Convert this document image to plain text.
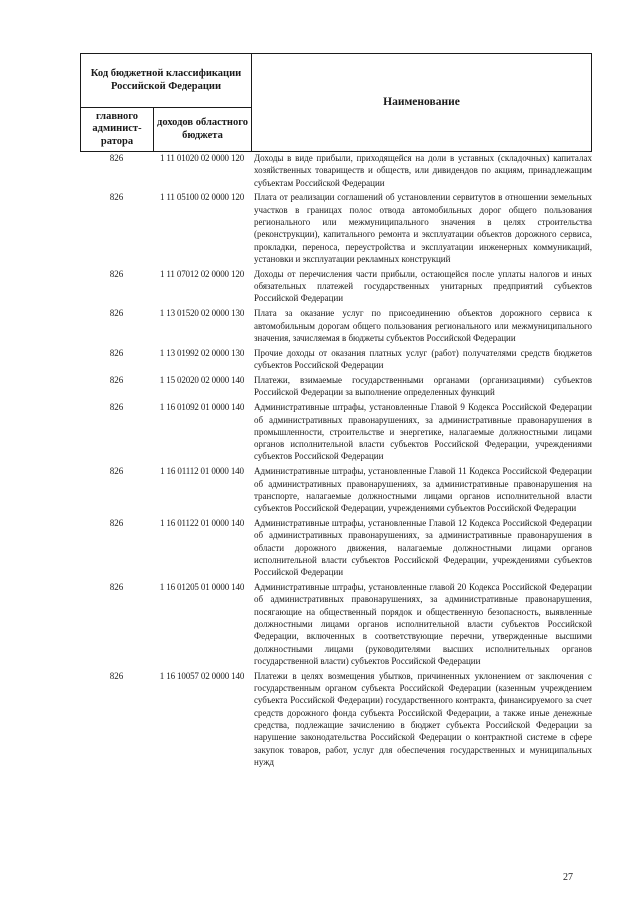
Код бюджетной классификации Российской Федерации		Наименование
главного админист- ратора	доходов областного бюджета	
826	1 11 01020 02 0000 120	Доходы в виде прибыли, приходящейся на доли в уставных (складочных) капиталах хозяйственных товариществ и обществ, или дивидендов по акциям, принадлежащим субъектам Российской Федерации
826	1 11 05100 02 0000 120	Плата от реализации соглашений об установлении сервитутов в отношении земельных участков в границах полос отвода автомобильных дорог общего пользования регионального или межмуниципального значения в целях строительства (реконструкции), капитального ремонта и эксплуатации объектов дорожного сервиса, прокладки, переноса, переустройства и эксплуатации инженерных коммуникаций, установки и эксплуатации рекламных конструкций
826	1 11 07012 02 0000 120	Доходы от перечисления части прибыли, остающейся после уплаты налогов и иных обязательных платежей государственных унитарных предприятий субъектов Российской Федерации
826	1 13 01520 02 0000 130	Плата за оказание услуг по присоединению объектов дорожного сервиса к автомобильным дорогам общего пользования регионального или межмуниципального значения, зачисляемая в бюджеты субъектов Российской Федерации
826	1 13 01992 02 0000 130	Прочие доходы от оказания платных услуг (работ) получателями средств бюджетов субъектов Российской Федерации
826	1 15 02020 02 0000 140	Платежи, взимаемые государственными органами (организациями) субъектов Российской Федерации за выполнение определенных функций
826	1 16 01092 01 0000 140	Административные штрафы, установленные Главой 9 Кодекса Российской Федерации об административных правонарушениях, за административные правонарушения в промышленности, строительстве и энергетике, налагаемые должностными лицами органов исполнительной власти субъектов Российской Федерации, учреждениями субъектов Российской Федерации
826	1 16 01112 01 0000 140	Административные штрафы, установленные Главой 11 Кодекса Российской Федерации об административных правонарушениях, за административные правонарушения на транспорте, налагаемые должностными лицами органов исполнительной власти субъектов Российской Федерации, учреждениями субъектов Российской Федерации
826	1 16 01122 01 0000 140	Административные штрафы, установленные Главой 12 Кодекса Российской Федерации об административных правонарушениях, за административные правонарушения в области дорожного движения, налагаемые должностными лицами органов исполнительной власти субъектов Российской Федерации, учреждениями субъектов Российской Федерации
826	1 16 01205 01 0000 140	Административные штрафы, установленные главой 20 Кодекса Российской Федерации об административных правонарушениях, за административные правонарушения, посягающие на общественный порядок и общественную безопасность, выявленные должностными лицами органов исполнительной власти субъектов Российской Федерации, включенных в соответствующие перечни, утвержденные высшими должностными лицами (руководителями высших исполнительных органов государственной власти) субъектов Российской Федерации
826	1 16 10057 02 0000 140	Платежи в целях возмещения убытков, причиненных уклонением от заключения с государственным органом субъекта Российской Федерации (казенным учреждением субъекта Российской Федерации) государственного контракта, финансируемого за счет средств дорожного фонда субъекта Российской Федерации, а также иные денежные средства, подлежащие зачислению в бюджет субъекта Российской Федерации за нарушение законодательства Российской Федерации о контрактной системе в сфере закупок товаров, работ, услуг для обеспечения государственных и муниципальных нужд
27
